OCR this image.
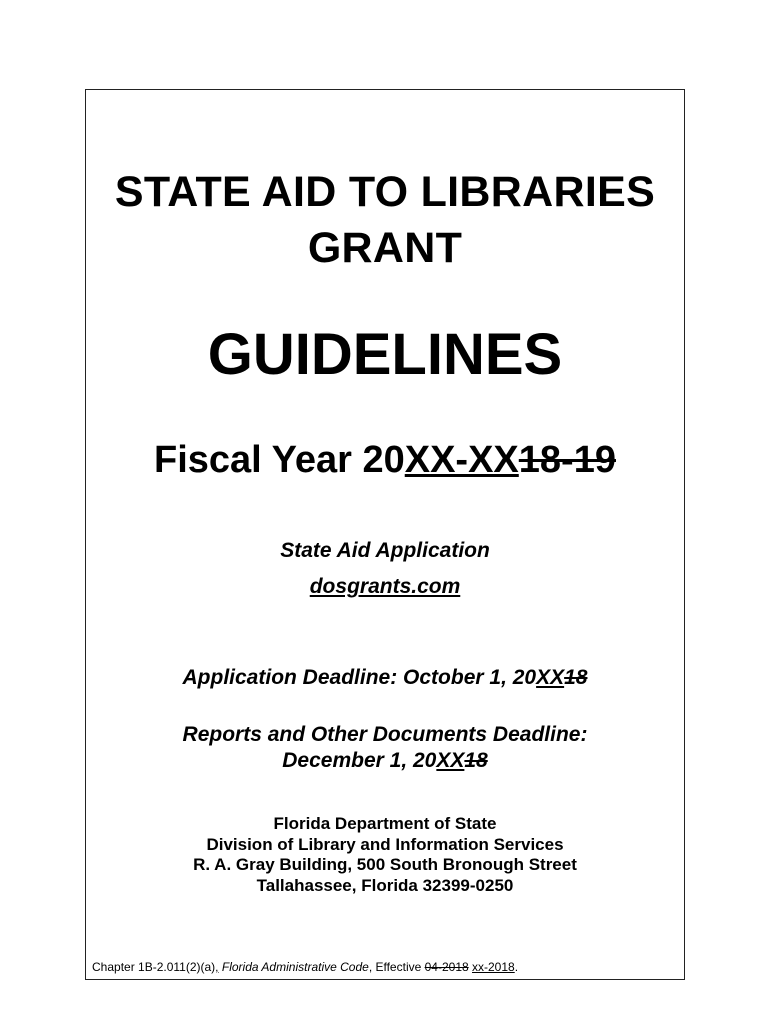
STATE AID TO LIBRARIES
GRANT
GUIDELINES
Fiscal Year 20XX-XX18-19
State Aid Application
dosgrants.com
Application Deadline: October 1, 20XX18
Reports and Other Documents Deadline:
December 1, 20XX18
Florida Department of State
Division of Library and Information Services
R. A. Gray Building, 500 South Bronough Street
Tallahassee, Florida 32399-0250
Chapter 1B-2.011(2)(a), Florida Administrative Code, Effective 04-2018 xx-2018.
